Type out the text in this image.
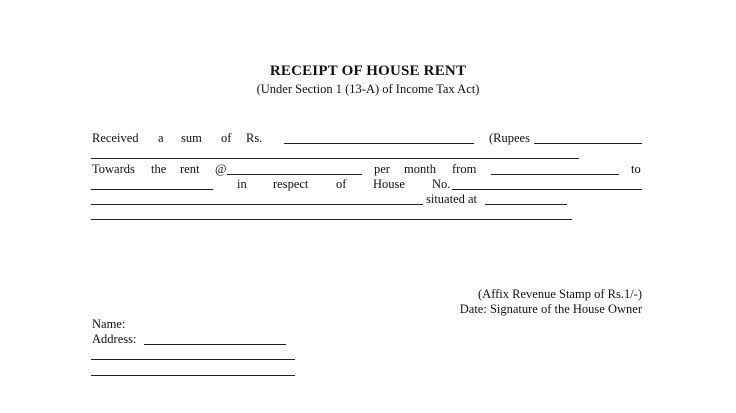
RECEIPT OF HOUSE RENT
(Under Section 1 (13-A) of Income Tax Act)
Received a sum of Rs.	(Rupees
Towards the rent @	per month from	to
in respect of House No.
situated at
(Affix Revenue Stamp of Rs.1/-)
Date: Signature of the House Owner
Name:
Address:
